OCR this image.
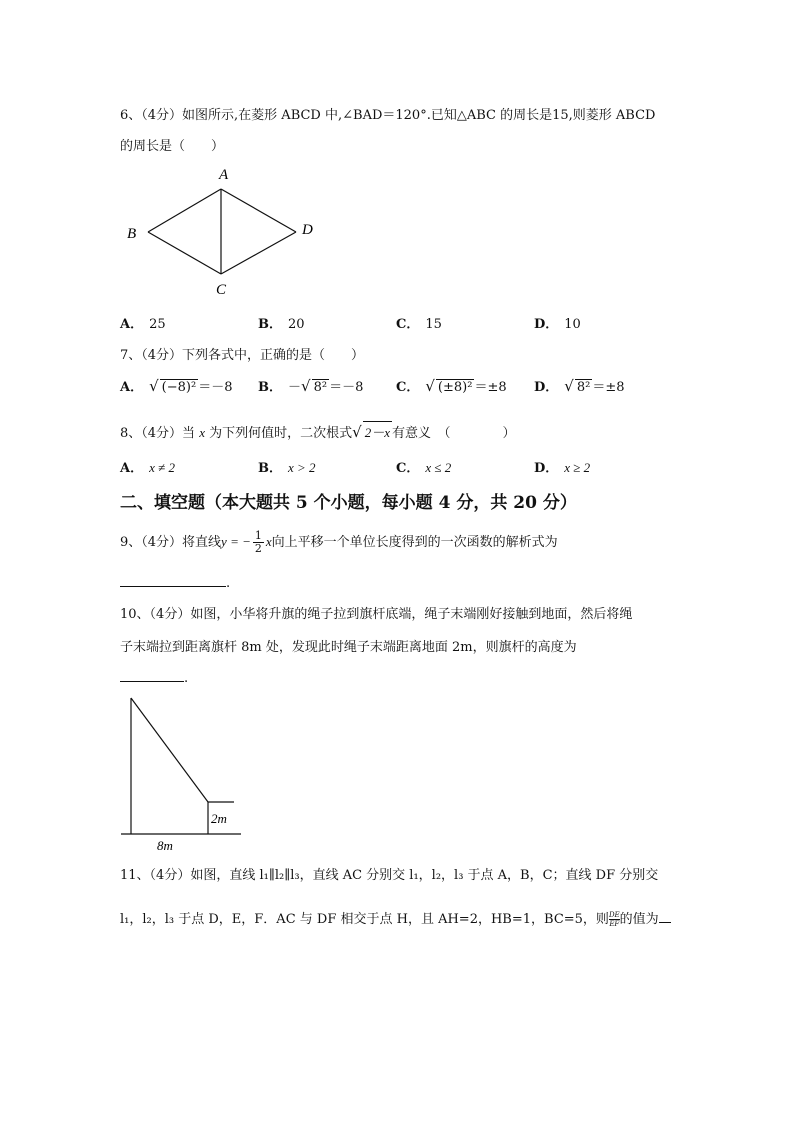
6、（4分）如图所示,在菱形 ABCD 中,∠BAD＝120°.已知△ABC 的周长是15,则菱形 ABCD
的周长是（　　）
A
B
C
D
A． 25	B． 20	C． 15	D． 10
7、（4分）下列各式中，正确的是（　　）
A． √ (−8)² ＝－8 B． －√ 8² ＝－8	C． √ (±8)² ＝±8 D． √ 8² ＝±8
8、（4分）当 x 为下列何值时，二次根式√ 2－x 有意义　（　　　　）
A． x ≠ 2	B． x > 2	C． x ≤ 2	D． x ≥ 2
二、填空题（本大题共 5 个小题，每小题 4 分，共 20 分）
9、（4分）将直线y = − $\frac{1}{2}$ x向上平移一个单位长度得到的一次函数的解析式为
.
10、（4分）如图，小华将升旗的绳子拉到旗杆底端，绳子末端刚好接触到地面，然后将绳
子末端拉到距离旗杆 8m 处，发现此时绳子末端距离地面 2m，则旗杆的高度为
.
2m
8m
11、（4分）如图，直线 l₁∥l₂∥l₃，直线 AC 分别交 l₁，l₂，l₃ 于点 A，B，C；直线 DF 分别交
l₁，l₂，l₃ 于点 D，E，F．AC 与 DF 相交于点 H，且 AH=2，HB=1，BC=5，则 $\frac{DE}{EF}$ 的值为
